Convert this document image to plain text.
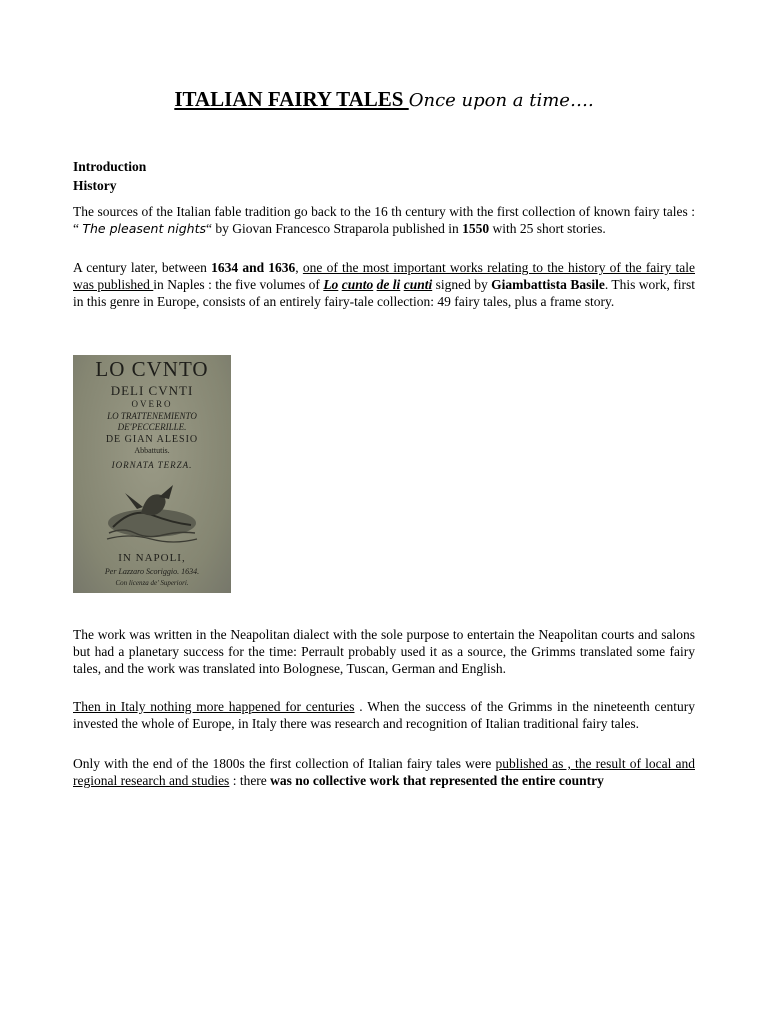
ITALIAN FAIRY TALES Once upon a time….
Introduction
History

The sources of the Italian fable tradition go back to the 16 th century with the first collection of known fairy tales : “ The pleasent nights“ by Giovan Francesco Straparola published in 1550 with 25 short stories.

A century later, between 1634 and 1636, one of the most important works relating to the history of the fairy tale was published in Naples : the five volumes of Lo cunto de li cunti signed by Giambattista Basile. This work, first in this genre in Europe, consists of an entirely fairy-tale collection: 49 fairy tales, plus a frame story.

The work was written in the Neapolitan dialect with the sole purpose to entertain the Neapolitan courts and salons but had a planetary success for the time: Perrault probably used it as a source, the Grimms translated some fairy tales, and the work was translated into Bolognese, Tuscan, German and English.

Then in Italy nothing more happened for centuries . When the success of the Grimms in the nineteenth century invested the whole of Europe, in Italy there was research and recognition of Italian traditional fairy tales.

Only with the end of the 1800s the first collection of Italian fairy tales were published as , the result of local and regional research and studies : there was no collective work that represented the entire country

LO CVNTO
DELI CVNTI
OVERO
LO TRATTENEMIENTO
DE'PECCERILLE.
DE GIAN ALESIO
Abbattutis.
IORNATA TERZA.
IN NAPOLI,
Per Lazzaro Scoriggio. 1634.
Con licenza de' Superiori.
